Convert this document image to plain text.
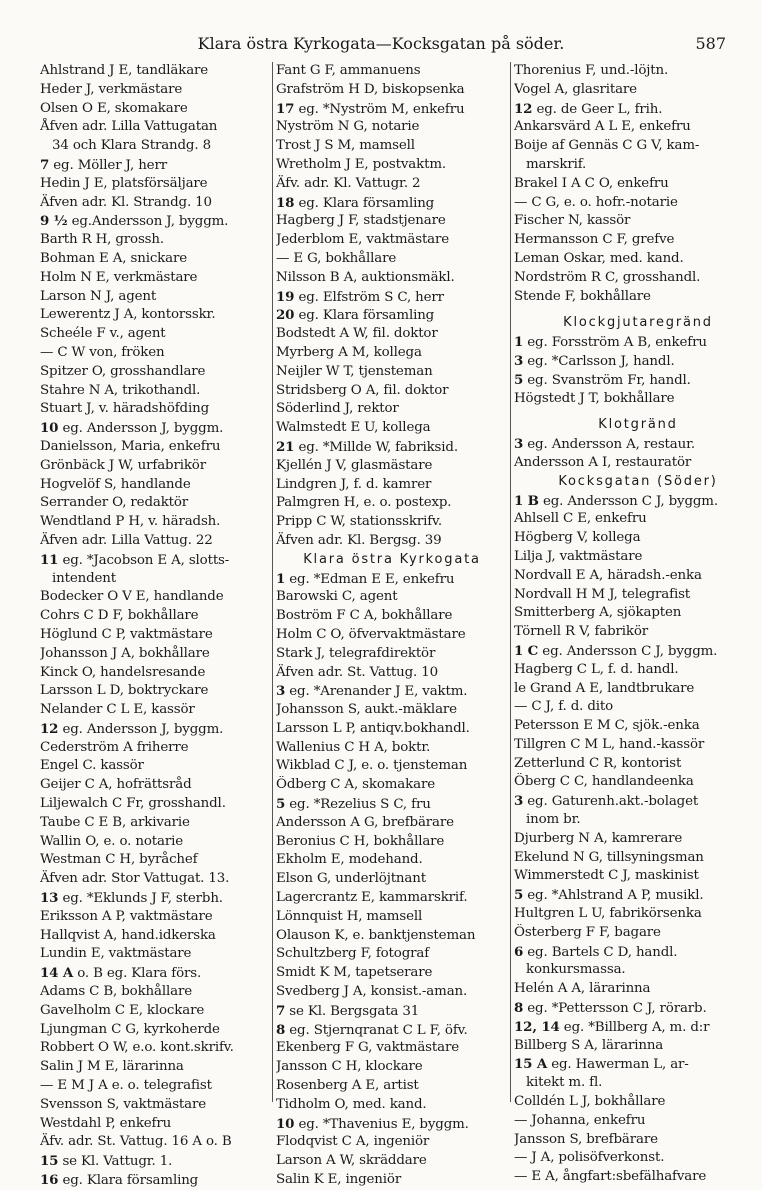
Klara östra Kyrkogata—Kocksgatan på söder.	587
Ahlstrand J E, tandläkare
Heder J, verkmästare
Olsen O E, skomakare
Åfven adr. Lilla Vattugatan
34 och Klara Strandg. 8
7 eg. Möller J, herr
Hedin J E, platsförsäljare
Äfven adr. Kl. Strandg. 10
9 ½ eg.Andersson J, byggm.
Barth R H, grossh.
Bohman E A, snickare
Holm N E, verkmästare
Larson N J, agent
Lewerentz J A, kontorsskr.
Scheéle F v., agent
— C W von, fröken
Spitzer O, grosshandlare
Stahre N A, trikothandl.
Stuart J, v. häradshöfding
10 eg. Andersson J, byggm.
Danielsson, Maria, enkefru
Grönbäck J W, urfabrikör
Hogvelöf S, handlande
Serrander O, redaktör
Wendtland P H, v. häradsh.
Äfven adr. Lilla Vattug. 22
11 eg. *Jacobson E A, slotts-
intendent
Bodecker O V E, handlande
Cohrs C D F, bokhållare
Höglund C P, vaktmästare
Johansson J A, bokhållare
Kinck O, handelsresande
Larsson L D, boktryckare
Nelander C L E, kassör
12 eg. Andersson J, byggm.
Cederström A friherre
Engel C. kassör
Geijer C A, hofrättsråd
Liljewalch C Fr, grosshandl.
Taube C E B, arkivarie
Wallin O, e. o. notarie
Westman C H, byråchef
Äfven adr. Stor Vattugat. 13.
13 eg. *Eklunds J F, sterbh.
Eriksson A P, vaktmästare
Hallqvist A, hand.idkerska
Lundin E, vaktmästare
14 A o. B eg. Klara förs.
Adams C B, bokhållare
Gavelholm C E, klockare
Ljungman C G, kyrkoherde
Robbert O W, e.o. kont.skrifv.
Salin J M E, lärarinna
— E M J A e. o. telegrafist
Svensson S, vaktmästare
Westdahl P, enkefru
Äfv. adr. St. Vattug. 16 A o. B
15 se Kl. Vattugr. 1.
16 eg. Klara församling
Fant G F, ammanuens
Grafström H D, biskopsenka
17 eg. *Nyström M, enkefru
Nyström N G, notarie
Trost J S M, mamsell
Wretholm J E, postvaktm.
Äfv. adr. Kl. Vattugr. 2
18 eg. Klara församling
Hagberg J F, stadstjenare
Jederblom E, vaktmästare
— E G, bokhållare
Nilsson B A, auktionsmäkl.
19 eg. Elfström S C, herr
20 eg. Klara församling
Bodstedt A W, fil. doktor
Myrberg A M, kollega
Neijler W T, tjensteman
Stridsberg O A, fil. doktor
Söderlind J, rektor
Walmstedt E U, kollega
21 eg. *Millde W, fabriksid.
Kjellén J V, glasmästare
Lindgren J, f. d. kamrer
Palmgren H, e. o. postexp.
Pripp C W, stationsskrifv.
Äfven adr. Kl. Bergsg. 39
Klara östra Kyrkogata
1 eg. *Edman E E, enkefru
Barowski C, agent
Boström F C A, bokhållare
Holm C O, öfvervaktmästare
Stark J, telegrafdirektör
Äfven adr. St. Vattug. 10
3 eg. *Arenander J E, vaktm.
Johansson S, aukt.-mäklare
Larsson L P, antiqv.bokhandl.
Wallenius C H A, boktr.
Wikblad C J, e. o. tjensteman
Ödberg C A, skomakare
5 eg. *Rezelius S C, fru
Andersson A G, brefbärare
Beronius C H, bokhållare
Ekholm E, modehand.
Elson G, underlöjtnant
Lagercrantz E, kammarskrif.
Lönnquist H, mamsell
Olauson K, e. banktjensteman
Schultzberg F, fotograf
Smidt K M, tapetserare
Svedberg J A, konsist.-aman.
7 se Kl. Bergsgata 31
8 eg. Stjernqranat C L F, öfv.
Ekenberg F G, vaktmästare
Jansson C H, klockare
Rosenberg A E, artist
Tidholm O, med. kand.
10 eg. *Thavenius E, byggm.
Flodqvist C A, ingeniör
Larson A W, skräddare
Salin K E, ingeniör
Thorenius F, und.-löjtn.
Vogel A, glasritare
12 eg. de Geer L, frih.
Ankarsvärd A L E, enkefru
Boije af Gennäs C G V, kam-
marskrif.
Brakel I A C O, enkefru
— C G, e. o. hofr.-notarie
Fischer N, kassör
Hermansson C F, grefve
Leman Oskar, med. kand.
Nordström R C, grosshandl.
Stende F, bokhållare
Klockgjutaregränd
1 eg. Forsström A B, enkefru
3 eg. *Carlsson J, handl.
5 eg. Svanström Fr, handl.
Högstedt J T, bokhållare
Klotgränd
3 eg. Andersson A, restaur.
Andersson A I, restauratör
Kocksgatan (Söder)
1 B eg. Andersson C J, byggm.
Ahlsell C E, enkefru
Högberg V, kollega
Lilja J, vaktmästare
Nordvall E A, häradsh.-enka
Nordvall H M J, telegrafist
Smitterberg A, sjökapten
Törnell R V, fabrikör
1 C eg. Andersson C J, byggm.
Hagberg C L, f. d. handl.
le Grand A E, landtbrukare
— C J, f. d. dito
Petersson E M C, sjök.-enka
Tillgren C M L, hand.-kassör
Zetterlund C R, kontorist
Öberg C C, handlandeenka
3 eg. Gaturenh.akt.-bolaget
inom br.
Djurberg N A, kamrerare
Ekelund N G, tillsyningsman
Wimmerstedt C J, maskinist
5 eg. *Ahlstrand A P, musikl.
Hultgren L U, fabrikörsenka
Österberg F F, bagare
6 eg. Bartels C D, handl.
konkursmassa.
Helén A A, lärarinna
8 eg. *Pettersson C J, rörarb.
12, 14 eg. *Billberg A, m. d:r
Billberg S A, lärarinna
15 A eg. Hawerman L, ar-
kitekt m. fl.
Colldén L J, bokhållare
— Johanna, enkefru
Jansson S, brefbärare
— J A, polisöfverkonst.
— E A, ångfart:sbefälhafvare
